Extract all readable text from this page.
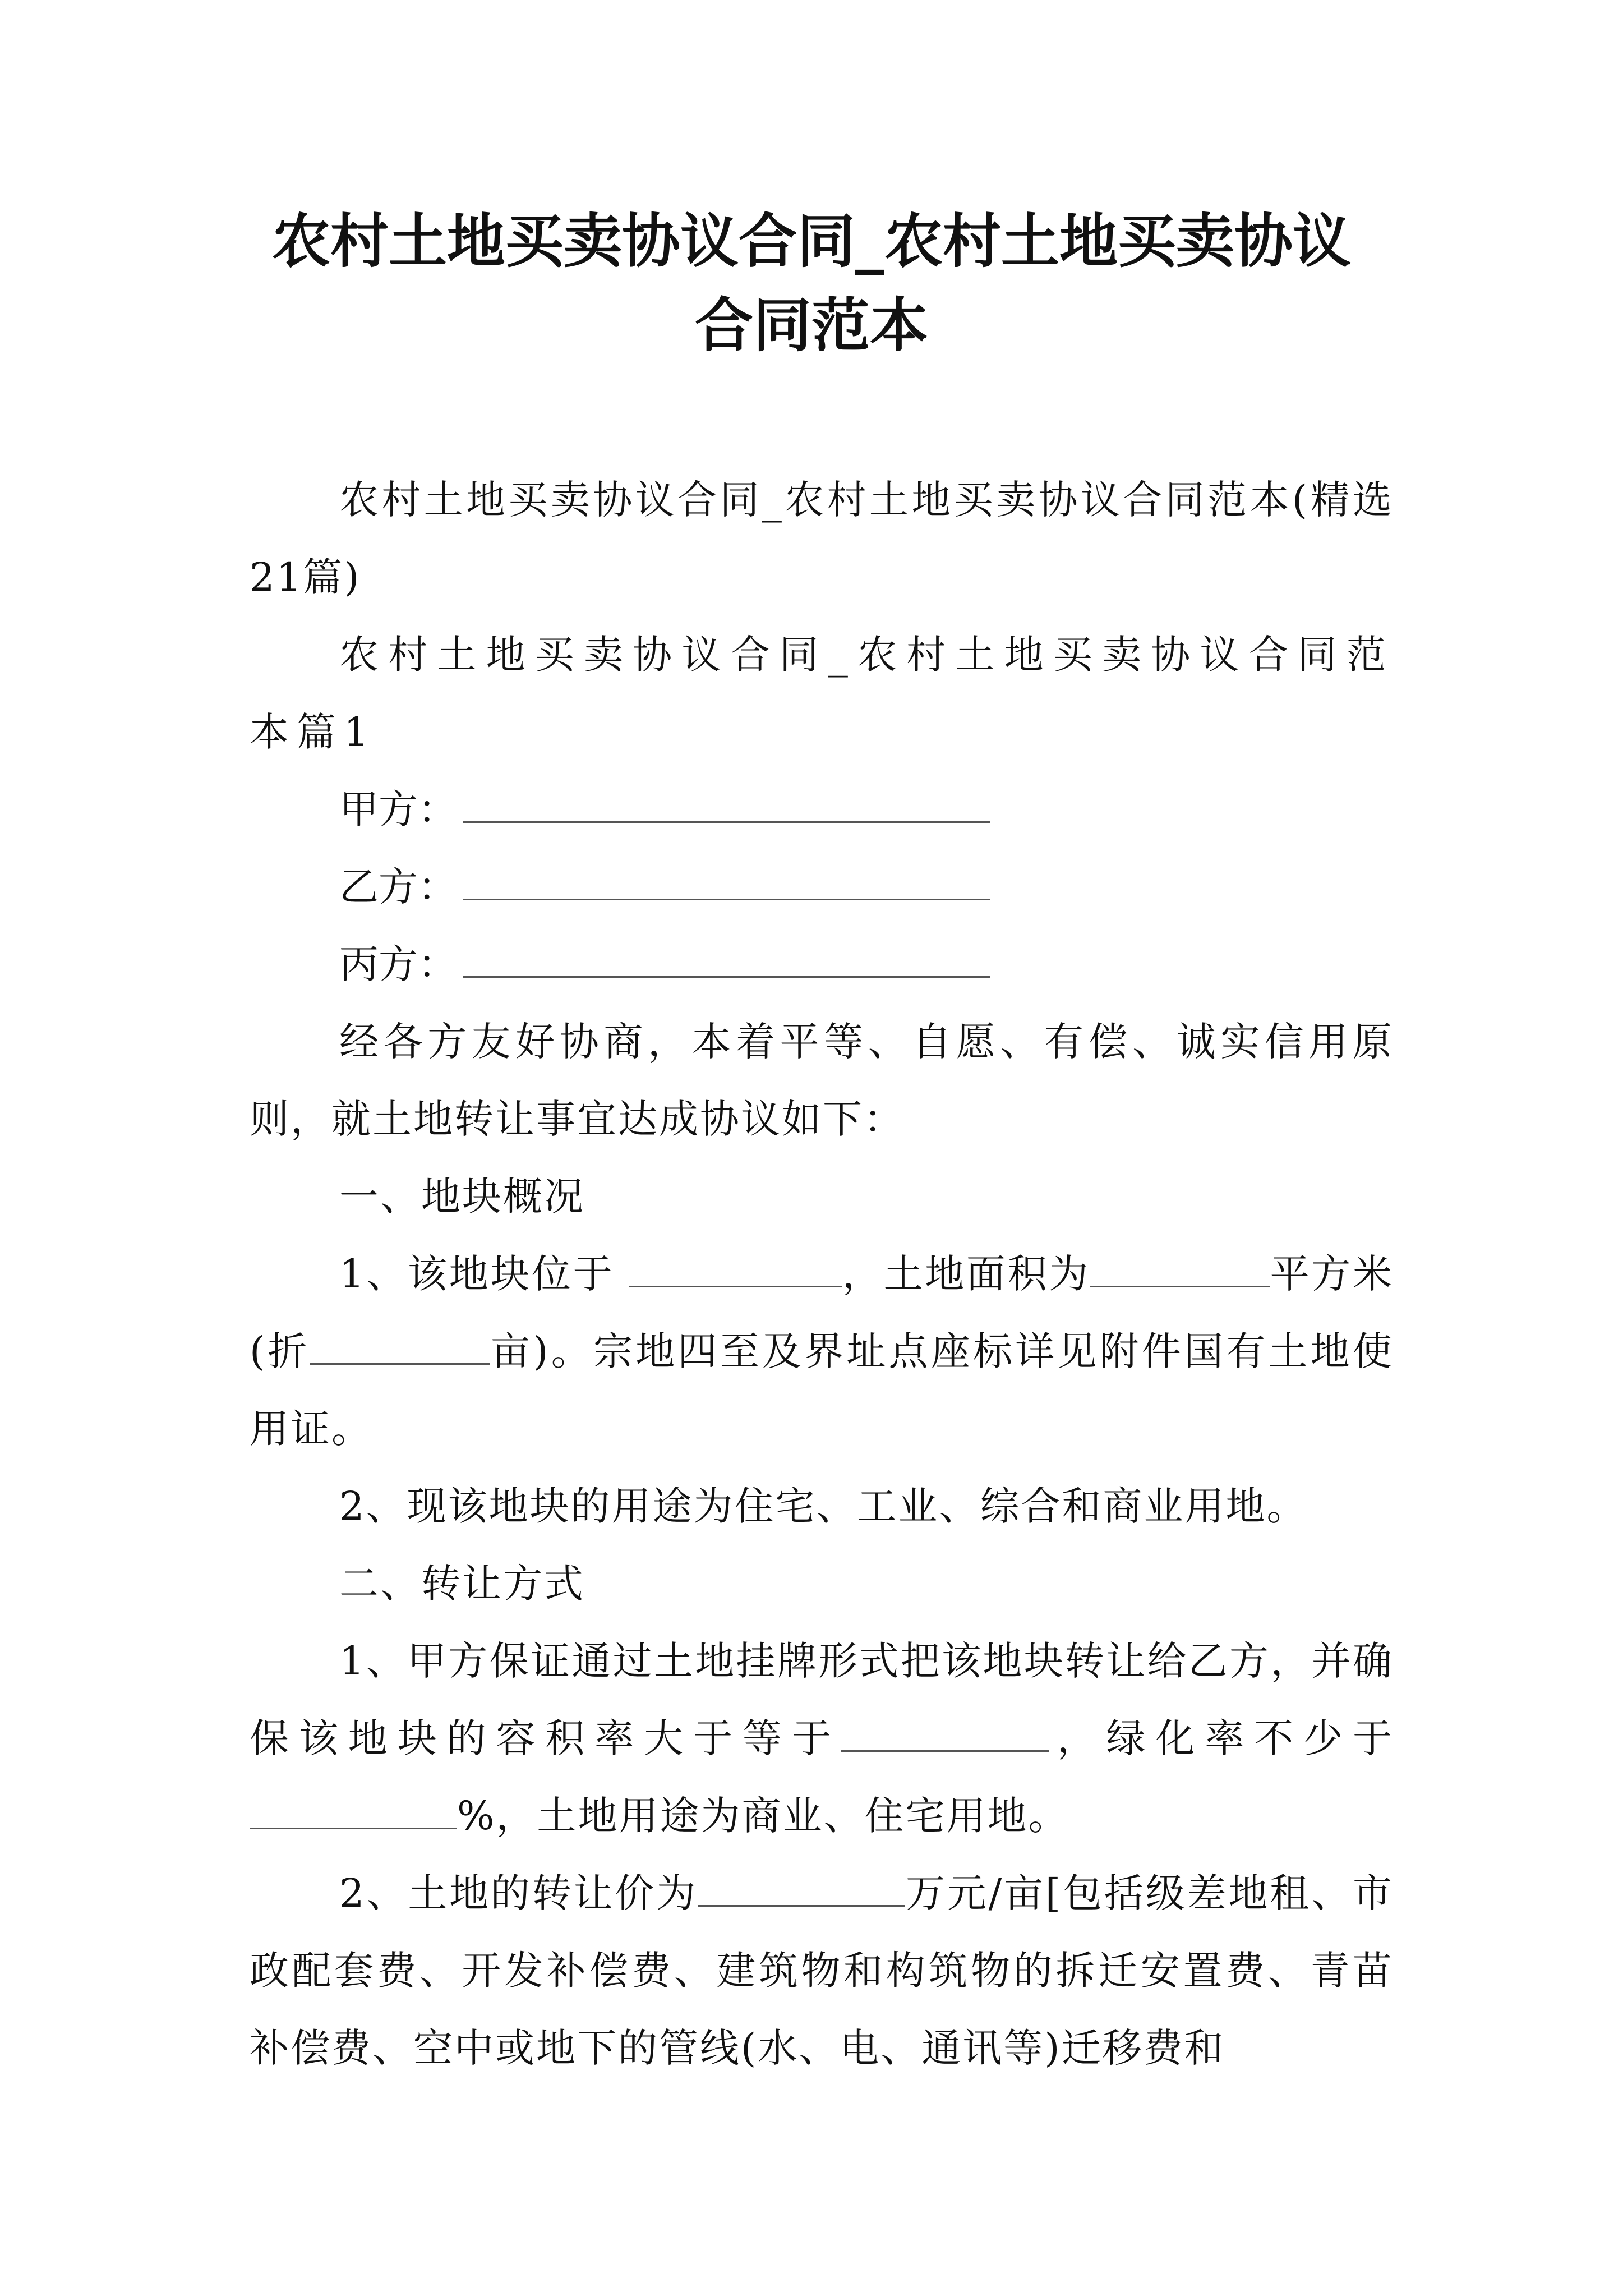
农村土地买卖协议合同_农村土地买卖协议
合同范本

农村土地买卖协议合同_农村土地买卖协议合同范本(精选21篇)

农村土地买卖协议合同_农村土地买卖协议合同范本篇1

甲方：

乙方：

丙方：

经各方友好协商，本着平等、自愿、有偿、诚实信用原则，就土地转让事宜达成协议如下：

一、地块概况

1、该地块位于	，土地面积为	平方米(折	亩)。宗地四至及界址点座标详见附件国有土地使用证。

2、现该地块的用途为住宅、工业、综合和商业用地。

二、转让方式

1、甲方保证通过土地挂牌形式把该地块转让给乙方，并确保该地块的容积率大于等于	，绿化率不少于%，土地用途为商业、住宅用地。

2、土地的转让价为	万元/亩[包括级差地租、市政配套费、开发补偿费、建筑物和构筑物的拆迁安置费、青苗补偿费、空中或地下的管线(水、电、通讯等)迁移费和
